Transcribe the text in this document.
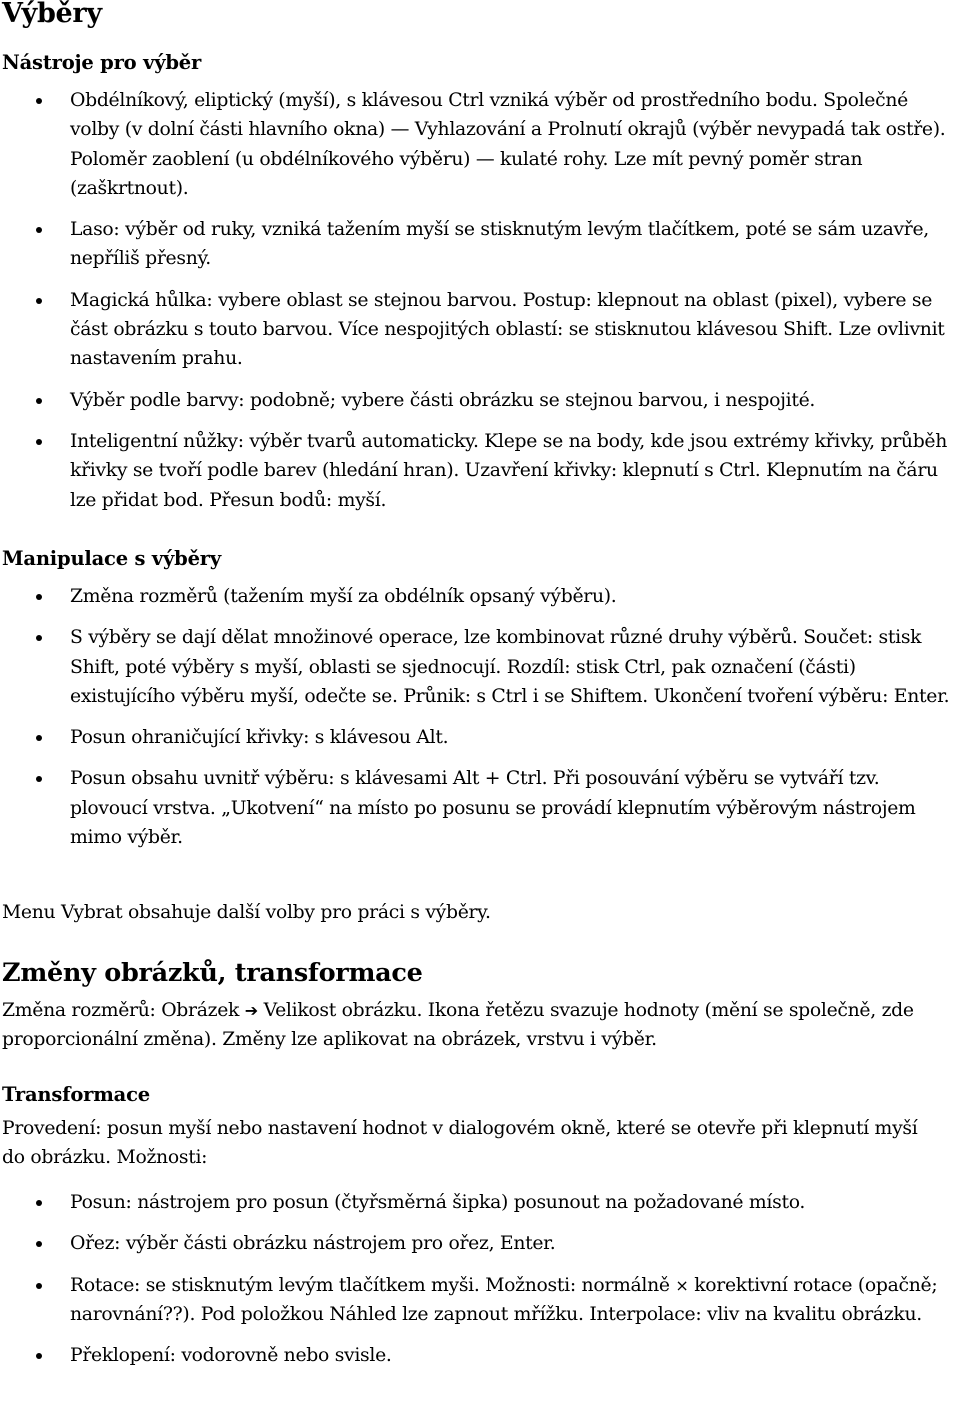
Výběry
Nástroje pro výběr
Obdélníkový, eliptický (myší), s klávesou Ctrl vzniká výběr od prostředního bodu. Společné volby (v dolní části hlavního okna) — Vyhlazování a Prolnutí okrajů (výběr nevypadá tak ostře). Poloměr zaoblení (u obdélníkového výběru) — kulaté rohy. Lze mít pevný poměr stran (zaškrtnout).
Laso: výběr od ruky, vzniká tažením myší se stisknutým levým tlačítkem, poté se sám uzavře, nepříliš přesný.
Magická hůlka: vybere oblast se stejnou barvou. Postup: klepnout na oblast (pixel), vybere se část obrázku s touto barvou. Více nespojitých oblastí: se stisknutou klávesou Shift. Lze ovlivnit nastavením prahu.
Výběr podle barvy: podobně; vybere části obrázku se stejnou barvou, i nespojité.
Inteligentní nůžky: výběr tvarů automaticky. Klepe se na body, kde jsou extrémy křivky, průběh křivky se tvoří podle barev (hledání hran). Uzavření křivky: klepnutí s Ctrl. Klepnutím na čáru lze přidat bod. Přesun bodů: myší.
Manipulace s výběry
Změna rozměrů (tažením myší za obdélník opsaný výběru).
S výběry se dají dělat množinové operace, lze kombinovat různé druhy výběrů. Součet: stisk Shift, poté výběry s myší, oblasti se sjednocují. Rozdíl: stisk Ctrl, pak označení (části) existujícího výběru myší, odečte se. Průnik: s Ctrl i se Shiftem. Ukončení tvoření výběru: Enter.
Posun ohraničující křivky: s klávesou Alt.
Posun obsahu uvnitř výběru: s klávesami Alt + Ctrl. Při posouvání výběru se vytváří tzv. plovoucí vrstva. „Ukotvení“ na místo po posunu se provádí klepnutím výběrovým nástrojem mimo výběr.

Menu Vybrat obsahuje další volby pro práci s výběry.

Změny obrázků, transformace

Změna rozměrů: Obrázek ➔ Velikost obrázku. Ikona řetězu svazuje hodnoty (mění se společně, zde proporcionální změna). Změny lze aplikovat na obrázek, vrstvu i výběr.

Transformace

Provedení: posun myší nebo nastavení hodnot v dialogovém okně, které se otevře při klepnutí myší do obrázku. Možnosti:

Posun: nástrojem pro posun (čtyřsměrná šipka) posunout na požadované místo.
Ořez: výběr části obrázku nástrojem pro ořez, Enter.
Rotace: se stisknutým levým tlačítkem myši. Možnosti: normálně × korektivní rotace (opačně; narovnání??). Pod položkou Náhled lze zapnout mřížku. Interpolace: vliv na kvalitu obrázku.
Překlopení: vodorovně nebo svisle.
